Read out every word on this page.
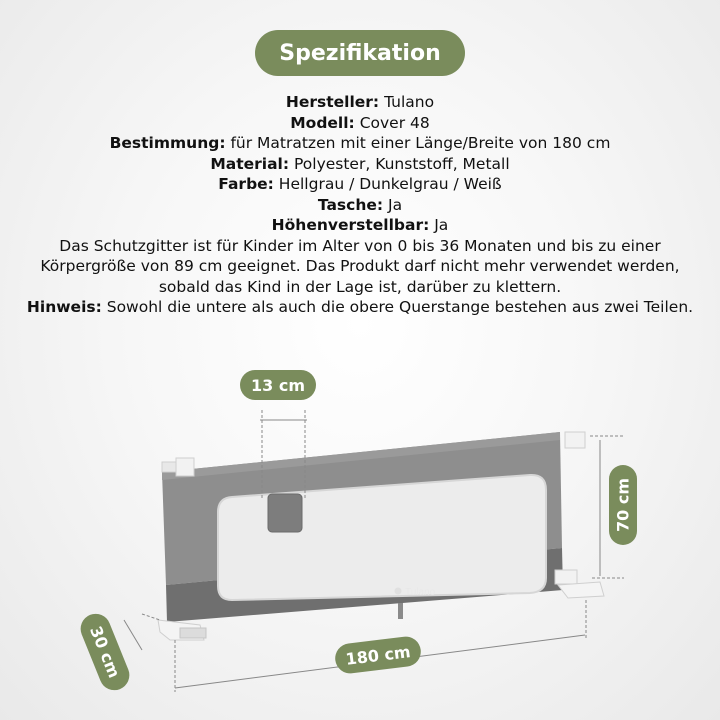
Spezifikation
Hersteller: Tulano
Modell: Cover 48
Bestimmung: für Matratzen mit einer Länge/Breite von 180 cm
Material: Polyester, Kunststoff, Metall
Farbe: Hellgrau / Dunkelgrau / Weiß
Tasche: Ja
Höhenverstellbar: Ja

Das Schutzgitter ist für Kinder im Alter von 0 bis 36 Monaten und bis zu einer Körpergröße von 89 cm geeignet. Das Produkt darf nicht mehr verwendet werden, sobald das Kind in der Lage ist, darüber zu klettern.

Hinweis: Sowohl die untere als auch die obere Querstange bestehen aus zwei Teilen.
Tulano
13 cm
70 cm
180 cm
30 cm
